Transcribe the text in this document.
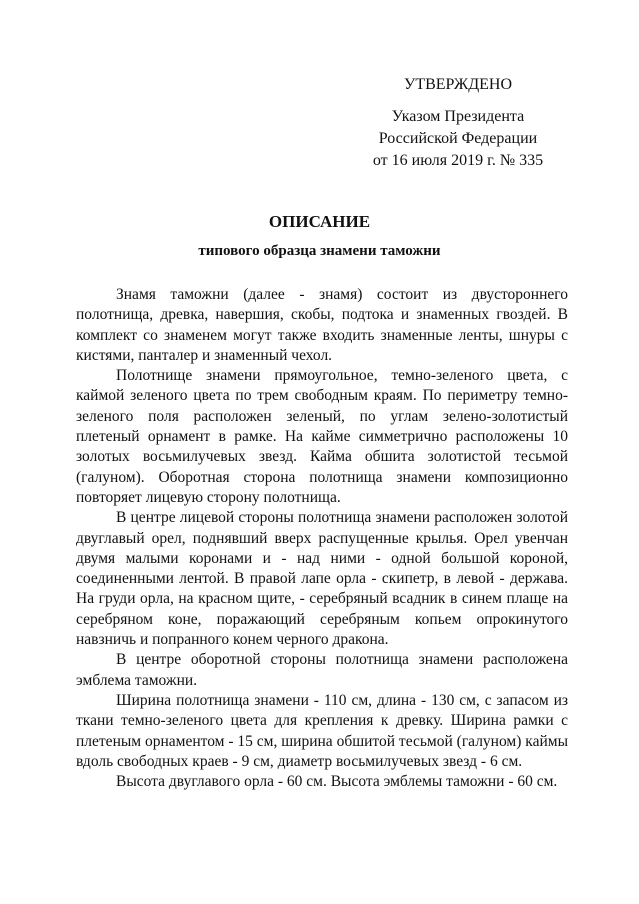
УТВЕРЖДЕНО
Указом Президента
Российской Федерации
от 16 июля 2019 г. № 335
ОПИСАНИЕ
типового образца знамени таможни

Знамя таможни (далее - знамя) состоит из двустороннего полотнища, древка, навершия, скобы, подтока и знаменных гвоздей. В комплект со знаменем могут также входить знаменные ленты, шнуры с кистями, панталер и знаменный чехол.

Полотнище знамени прямоугольное, темно-зеленого цвета, с каймой зеленого цвета по трем свободным краям. По периметру темно-зеленого поля расположен зеленый, по углам зелено-золотистый плетеный орнамент в рамке. На кайме симметрично расположены 10 золотых восьмилучевых звезд. Кайма обшита золотистой тесьмой (галуном). Оборотная сторона полотнища знамени композиционно повторяет лицевую сторону полотнища.

В центре лицевой стороны полотнища знамени расположен золотой двуглавый орел, поднявший вверх распущенные крылья. Орел увенчан двумя малыми коронами и - над ними - одной большой короной, соединенными лентой. В правой лапе орла - скипетр, в левой - держава. На груди орла, на красном щите, - серебряный всадник в синем плаще на серебряном коне, поражающий серебряным копьем опрокинутого навзничь и попранного конем черного дракона.

В центре оборотной стороны полотнища знамени расположена эмблема таможни.

Ширина полотнища знамени - 110 см, длина - 130 см, с запасом из ткани темно-зеленого цвета для крепления к древку. Ширина рамки с плетеным орнаментом - 15 см, ширина обшитой тесьмой (галуном) каймы вдоль свободных краев - 9 см, диаметр восьмилучевых звезд - 6 см.

Высота двуглавого орла - 60 см. Высота эмблемы таможни - 60 см.
